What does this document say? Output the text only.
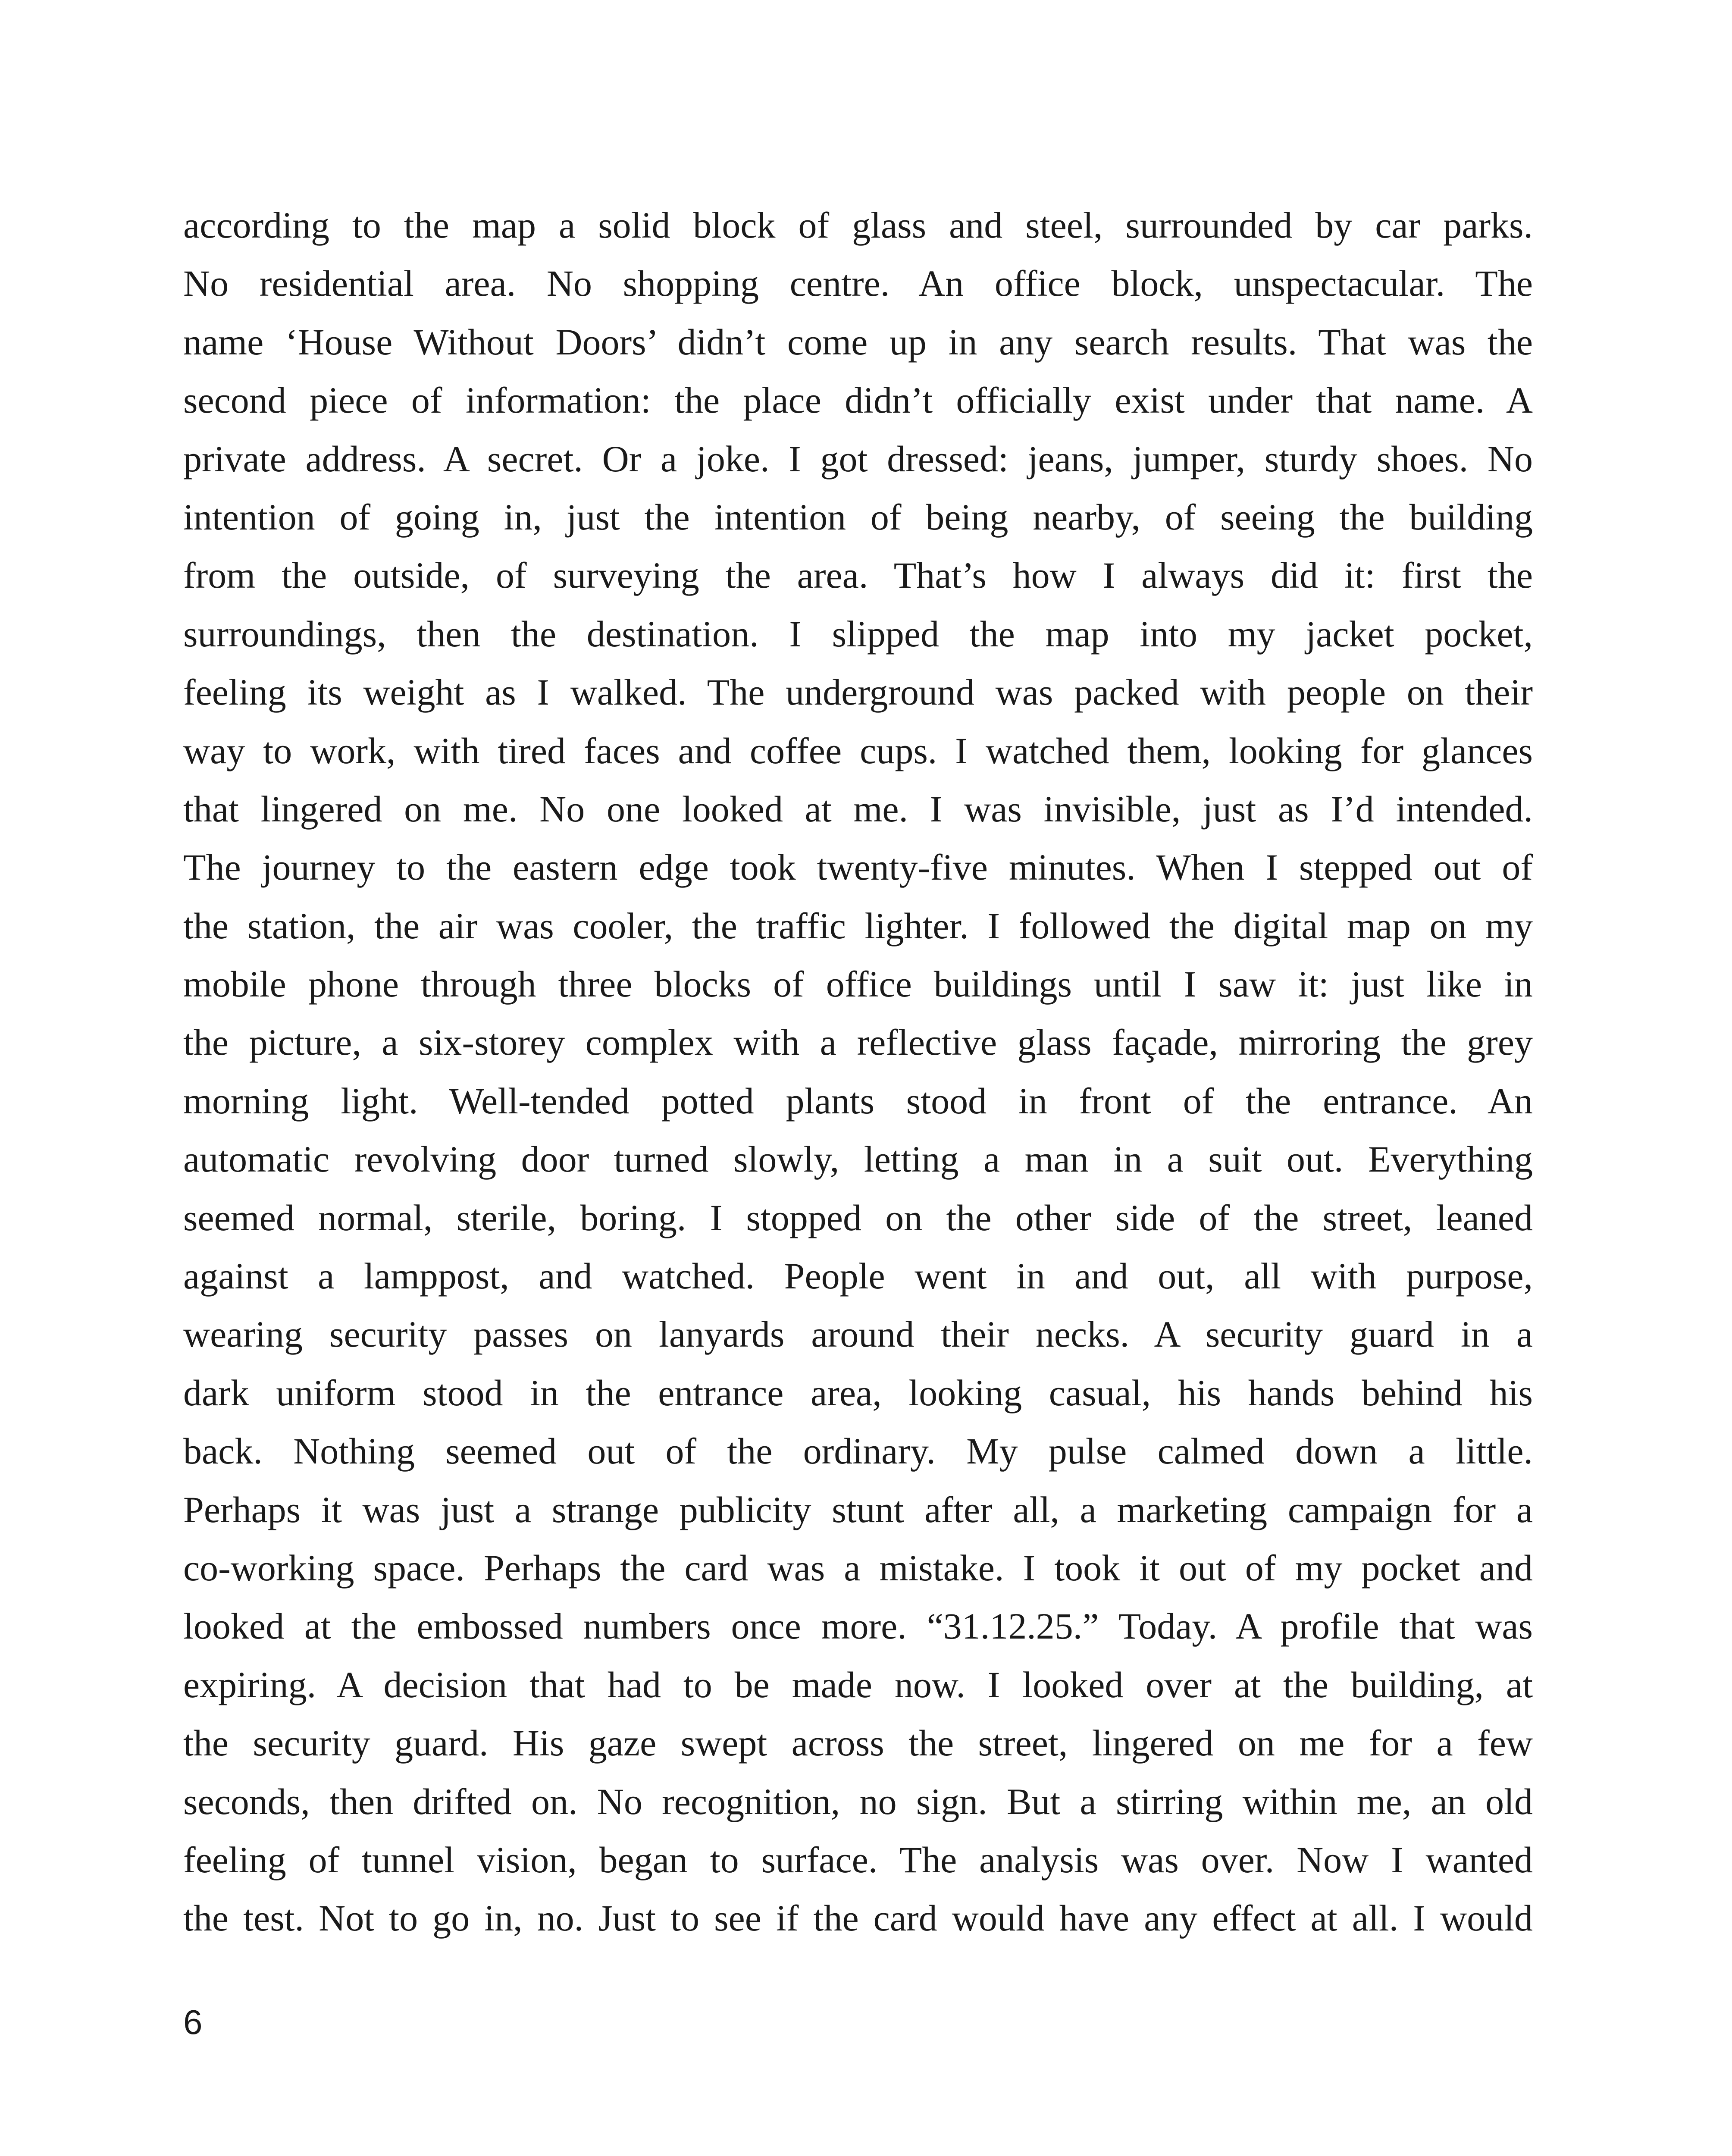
according to the map a solid block of glass and steel, surrounded by car parks.
No residential area. No shopping centre. An office block, unspectacular. The
name ‘House Without Doors’ didn’t come up in any search results. That was the
second piece of information: the place didn’t officially exist under that name. A
private address. A secret. Or a joke. I got dressed: jeans, jumper, sturdy shoes. No
intention of going in, just the intention of being nearby, of seeing the building
from the outside, of surveying the area. That’s how I always did it: first the
surroundings, then the destination. I slipped the map into my jacket pocket,
feeling its weight as I walked. The underground was packed with people on their
way to work, with tired faces and coffee cups. I watched them, looking for glances
that lingered on me. No one looked at me. I was invisible, just as I’d intended.
The journey to the eastern edge took twenty-five minutes. When I stepped out of
the station, the air was cooler, the traffic lighter. I followed the digital map on my
mobile phone through three blocks of office buildings until I saw it: just like in
the picture, a six-storey complex with a reflective glass façade, mirroring the grey
morning light. Well-tended potted plants stood in front of the entrance. An
automatic revolving door turned slowly, letting a man in a suit out. Everything
seemed normal, sterile, boring. I stopped on the other side of the street, leaned
against a lamppost, and watched. People went in and out, all with purpose,
wearing security passes on lanyards around their necks. A security guard in a
dark uniform stood in the entrance area, looking casual, his hands behind his
back. Nothing seemed out of the ordinary. My pulse calmed down a little.
Perhaps it was just a strange publicity stunt after all, a marketing campaign for a
co-working space. Perhaps the card was a mistake. I took it out of my pocket and
looked at the embossed numbers once more. “31.12.25.” Today. A profile that was
expiring. A decision that had to be made now. I looked over at the building, at
the security guard. His gaze swept across the street, lingered on me for a few
seconds, then drifted on. No recognition, no sign. But a stirring within me, an old
feeling of tunnel vision, began to surface. The analysis was over. Now I wanted
the test. Not to go in, no. Just to see if the card would have any effect at all. I would
6
